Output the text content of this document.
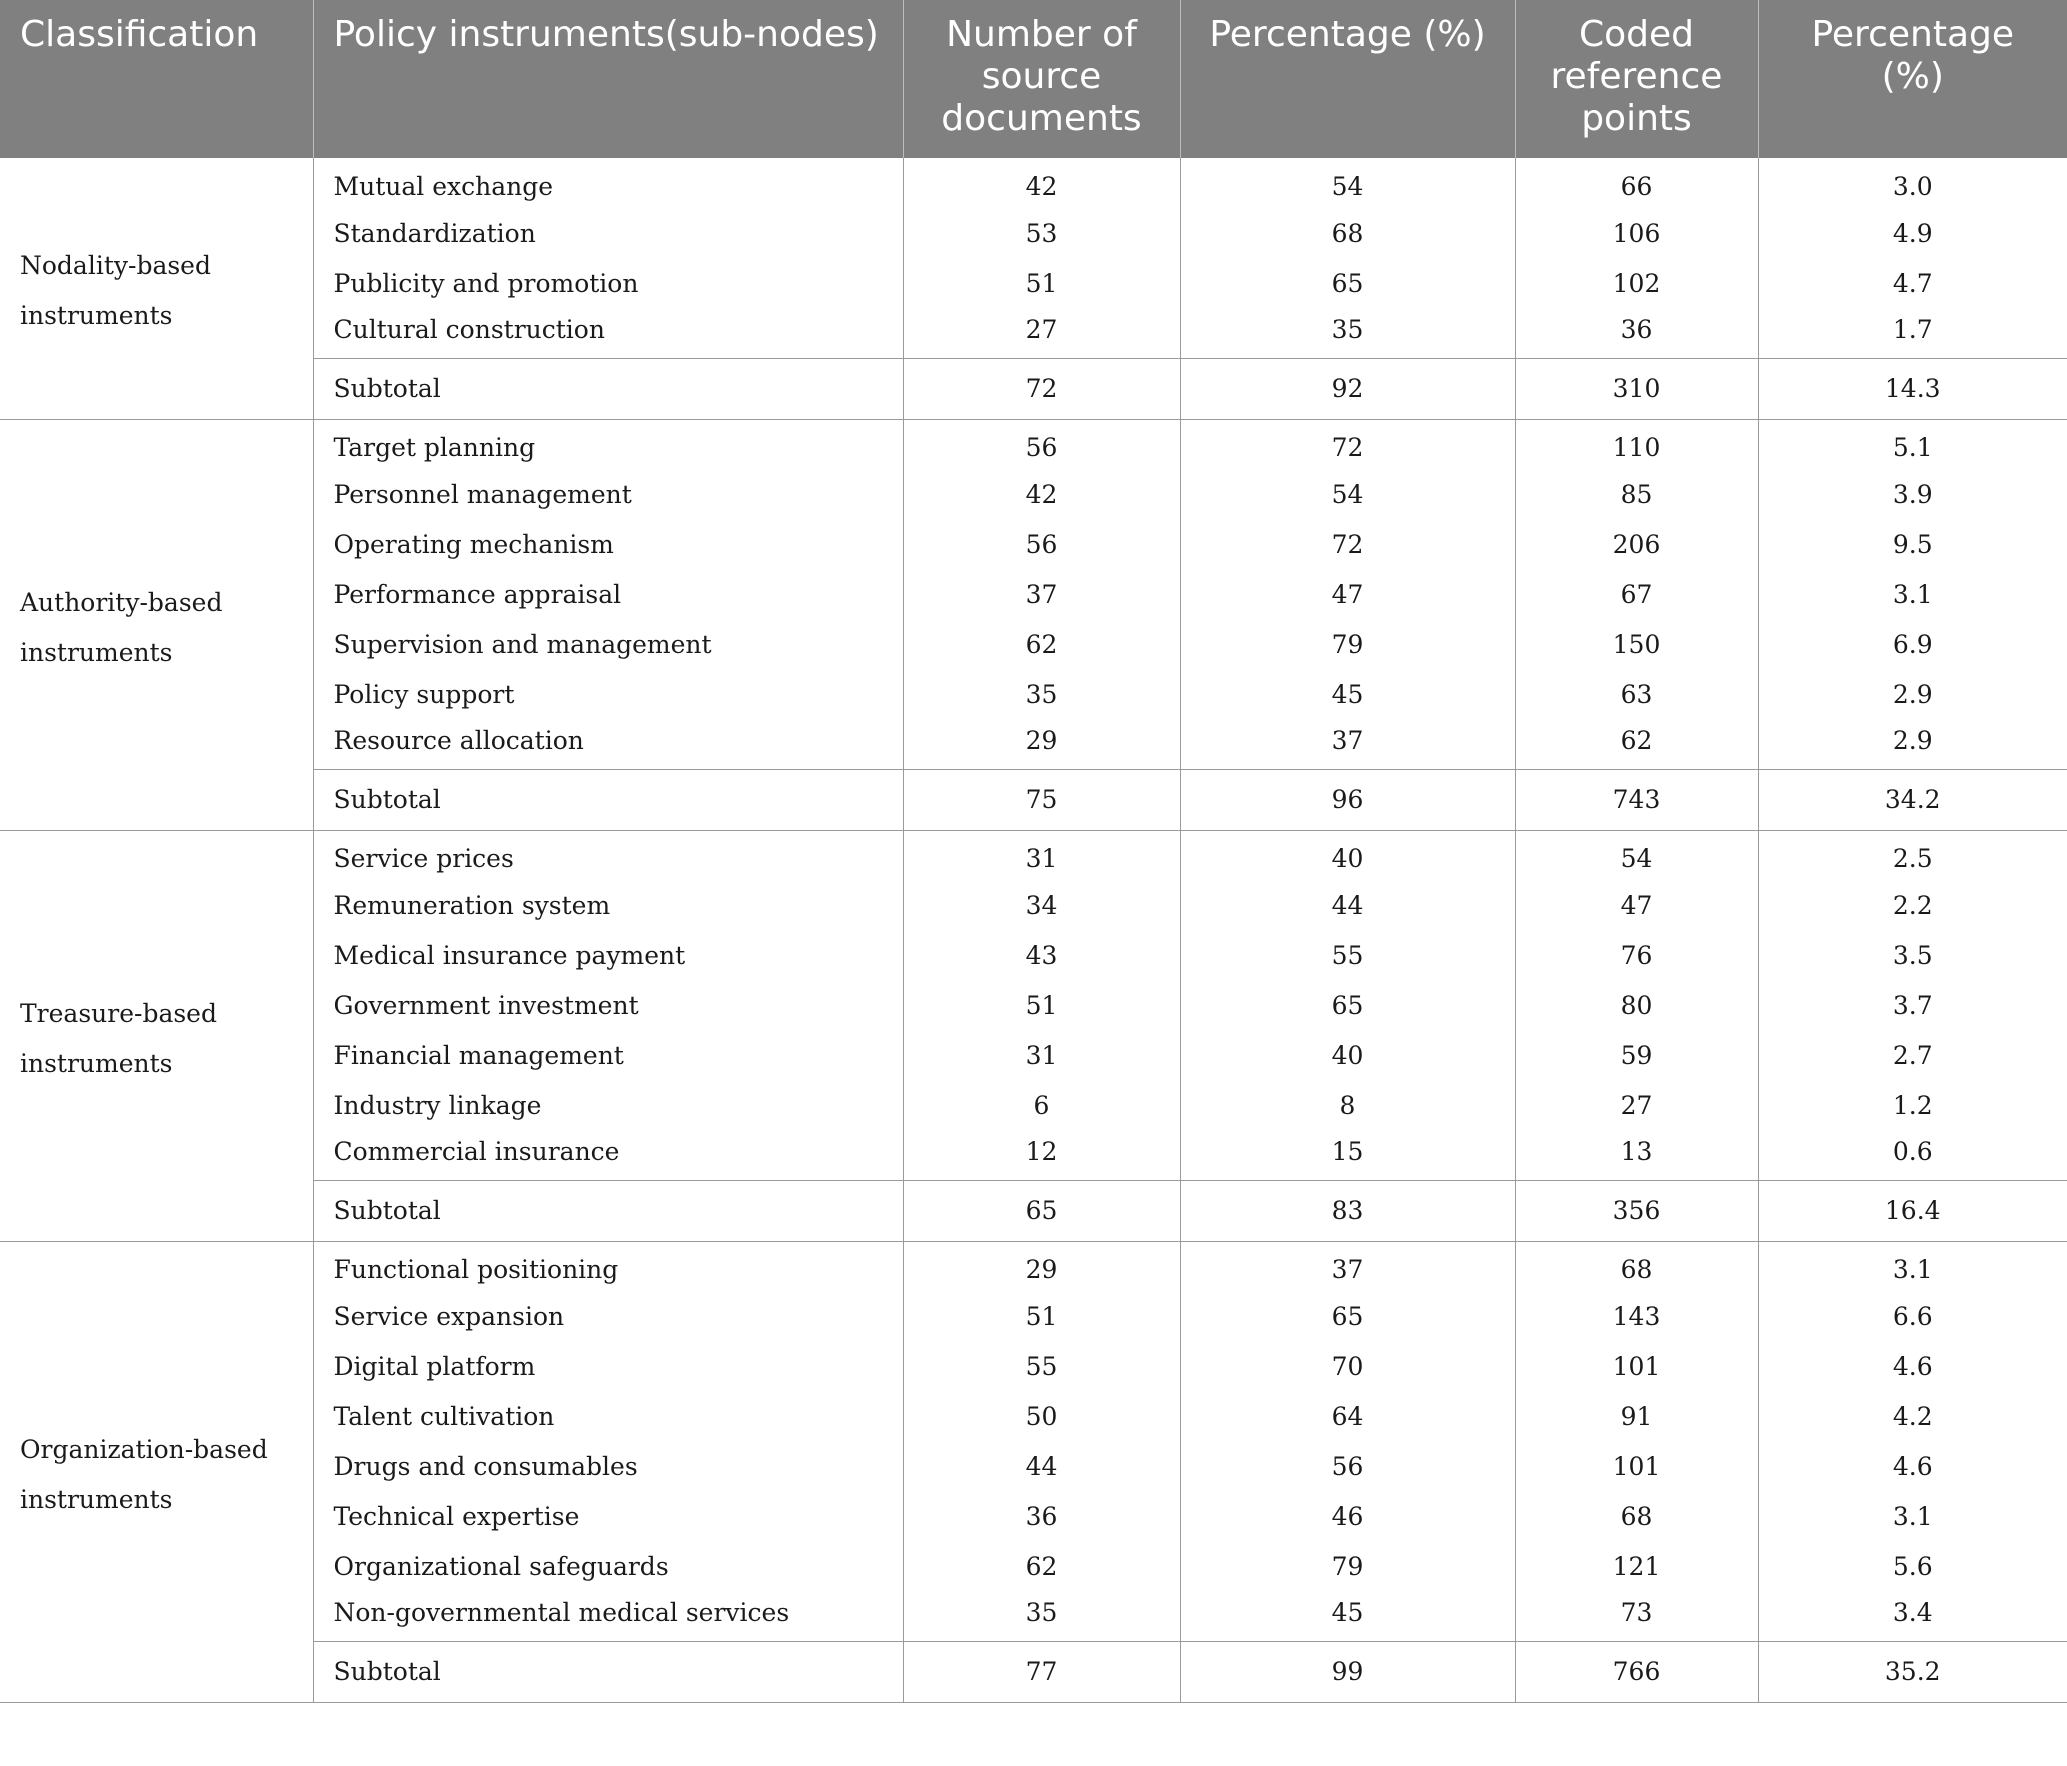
Classification	Policy instruments(sub-nodes)	Number of source documents	Percentage (%)	Coded reference points	Percentage (%)
Nodality-based instruments	Mutual exchange	42	54	66	3.0
	Standardization	53	68	106	4.9
	Publicity and promotion	51	65	102	4.7
	Cultural construction	27	35	36	1.7
	Subtotal	72	92	310	14.3
Authority-based instruments	Target planning	56	72	110	5.1
	Personnel management	42	54	85	3.9
	Operating mechanism	56	72	206	9.5
	Performance appraisal	37	47	67	3.1
	Supervision and management	62	79	150	6.9
	Policy support	35	45	63	2.9
	Resource allocation	29	37	62	2.9
	Subtotal	75	96	743	34.2
Treasure-based instruments	Service prices	31	40	54	2.5
	Remuneration system	34	44	47	2.2
	Medical insurance payment	43	55	76	3.5
	Government investment	51	65	80	3.7
	Financial management	31	40	59	2.7
	Industry linkage	6	8	27	1.2
	Commercial insurance	12	15	13	0.6
	Subtotal	65	83	356	16.4
Organization-based instruments	Functional positioning	29	37	68	3.1
	Service expansion	51	65	143	6.6
	Digital platform	55	70	101	4.6
	Talent cultivation	50	64	91	4.2
	Drugs and consumables	44	56	101	4.6
	Technical expertise	36	46	68	3.1
	Organizational safeguards	62	79	121	5.6
	Non-governmental medical services	35	45	73	3.4
	Subtotal	77	99	766	35.2
